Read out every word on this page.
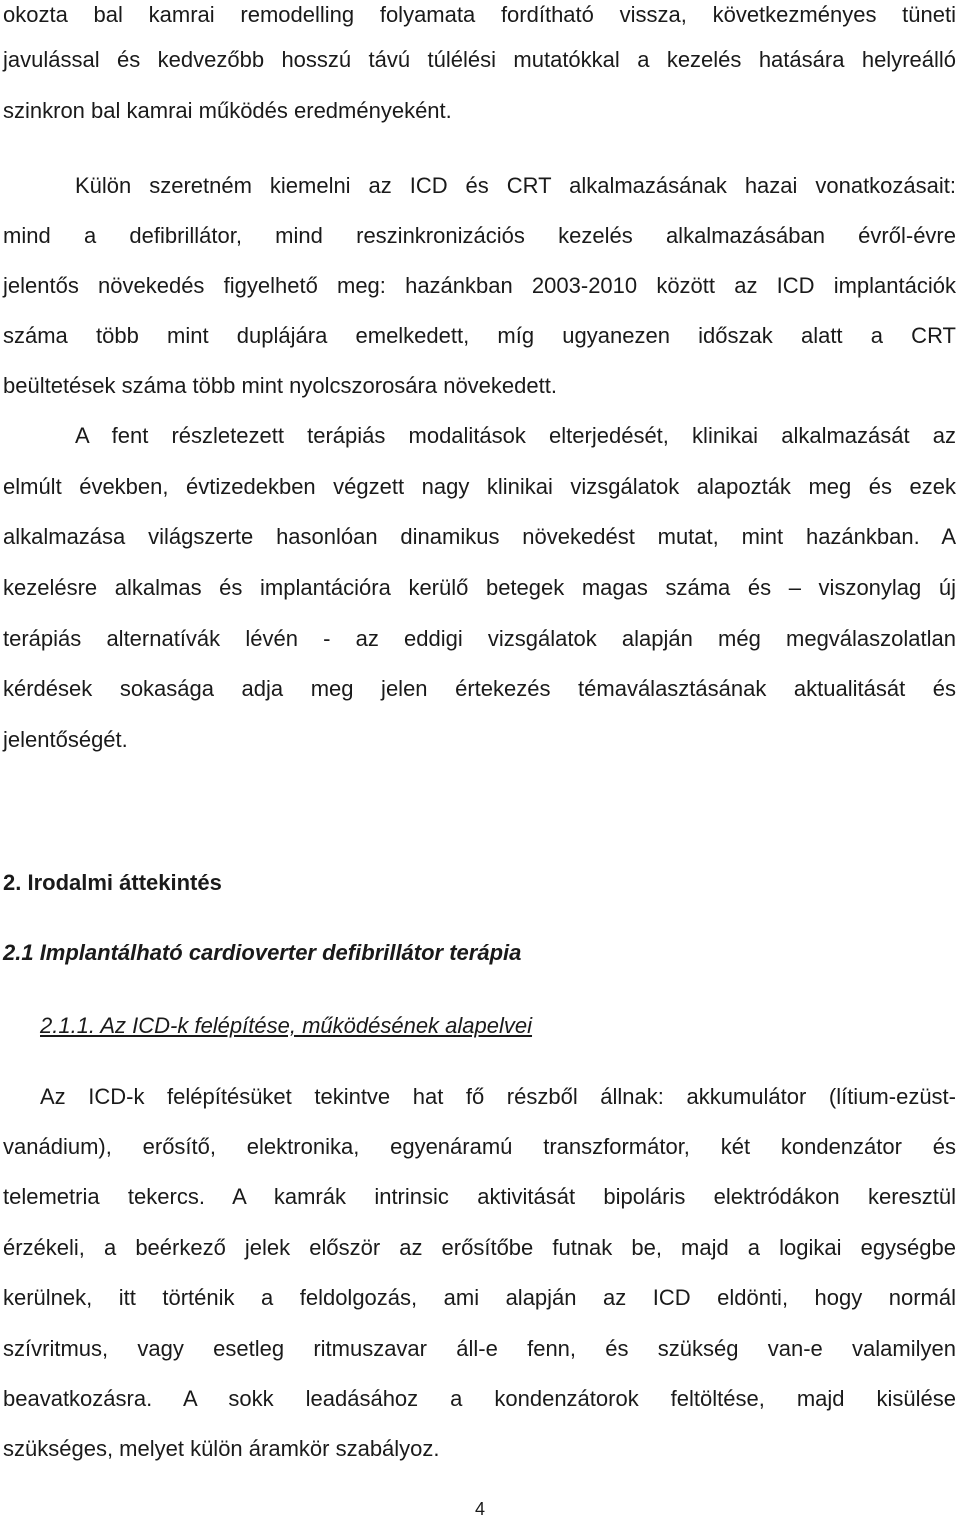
okozta bal kamrai remodelling folyamata fordítható vissza, következményes tüneti
javulással és kedvezőbb hosszú távú túlélési mutatókkal a kezelés hatására helyreálló
szinkron bal kamrai működés eredményeként.
Külön szeretném kiemelni az ICD és CRT alkalmazásának hazai vonatkozásait:
mind a defibrillátor, mind reszinkronizációs kezelés alkalmazásában évről-évre
jelentős növekedés figyelhető meg: hazánkban 2003-2010 között az ICD implantációk
száma több mint duplájára emelkedett, míg ugyanezen időszak alatt a CRT
beültetések száma több mint nyolcszorosára növekedett.
A fent részletezett terápiás modalitások elterjedését, klinikai alkalmazását az
elmúlt években, évtizedekben végzett nagy klinikai vizsgálatok alapozták meg és ezek
alkalmazása világszerte hasonlóan dinamikus növekedést mutat, mint hazánkban. A
kezelésre alkalmas és implantációra kerülő betegek magas száma és – viszonylag új
terápiás alternatívák lévén - az eddigi vizsgálatok alapján még megválaszolatlan
kérdések sokasága adja meg jelen értekezés témaválasztásának aktualitását és
jelentőségét.
2. Irodalmi áttekintés
2.1 Implantálható cardioverter defibrillátor terápia
2.1.1. Az ICD-k felépítése, működésének alapelvei
Az ICD-k felépítésüket tekintve hat fő részből állnak: akkumulátor (lítium-ezüst-
vanádium), erősítő, elektronika, egyenáramú transzformátor, két kondenzátor és
telemetria tekercs. A kamrák intrinsic aktivitását bipoláris elektródákon keresztül
érzékeli, a beérkező jelek először az erősítőbe futnak be, majd a logikai egységbe
kerülnek, itt történik a feldolgozás, ami alapján az ICD eldönti, hogy normál
szívritmus, vagy esetleg ritmuszavar áll-e fenn, és szükség van-e valamilyen
beavatkozásra. A sokk leadásához a kondenzátorok feltöltése, majd kisülése
szükséges, melyet külön áramkör szabályoz.
4
